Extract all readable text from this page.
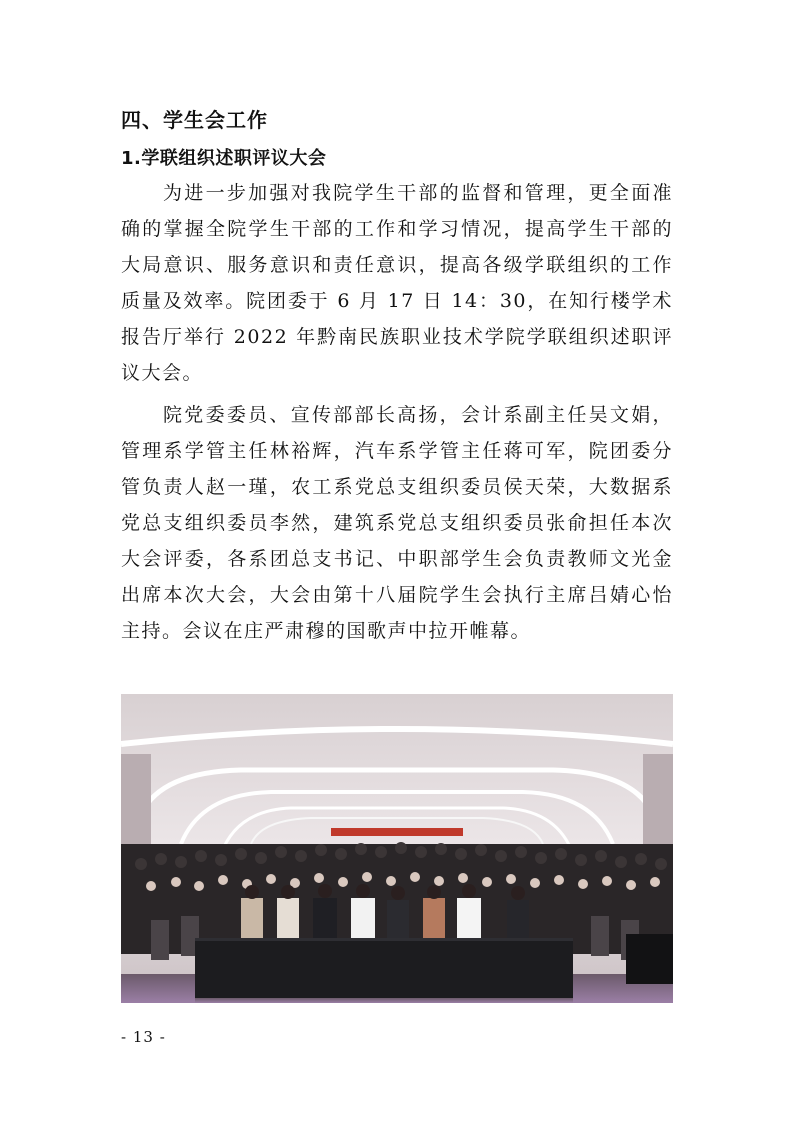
四、学生会工作
1.学联组织述职评议大会

为进一步加强对我院学生干部的监督和管理，更全面准确的掌握全院学生干部的工作和学习情况，提高学生干部的大局意识、服务意识和责任意识，提高各级学联组织的工作质量及效率。院团委于 6 月 17 日 14：30，在知行楼学术报告厅举行 2022 年黔南民族职业技术学院学联组织述职评议大会。

院党委委员、宣传部部长高扬，会计系副主任吴文娟，管理系学管主任林裕辉，汽车系学管主任蒋可军，院团委分管负责人赵一瑾，农工系党总支组织委员侯天荣，大数据系党总支组织委员李然，建筑系党总支组织委员张俞担任本次大会评委，各系团总支书记、中职部学生会负责教师文光金出席本次大会，大会由第十八届院学生会执行主席吕婧心怡主持。会议在庄严肃穆的国歌声中拉开帷幕。

- 13 -
